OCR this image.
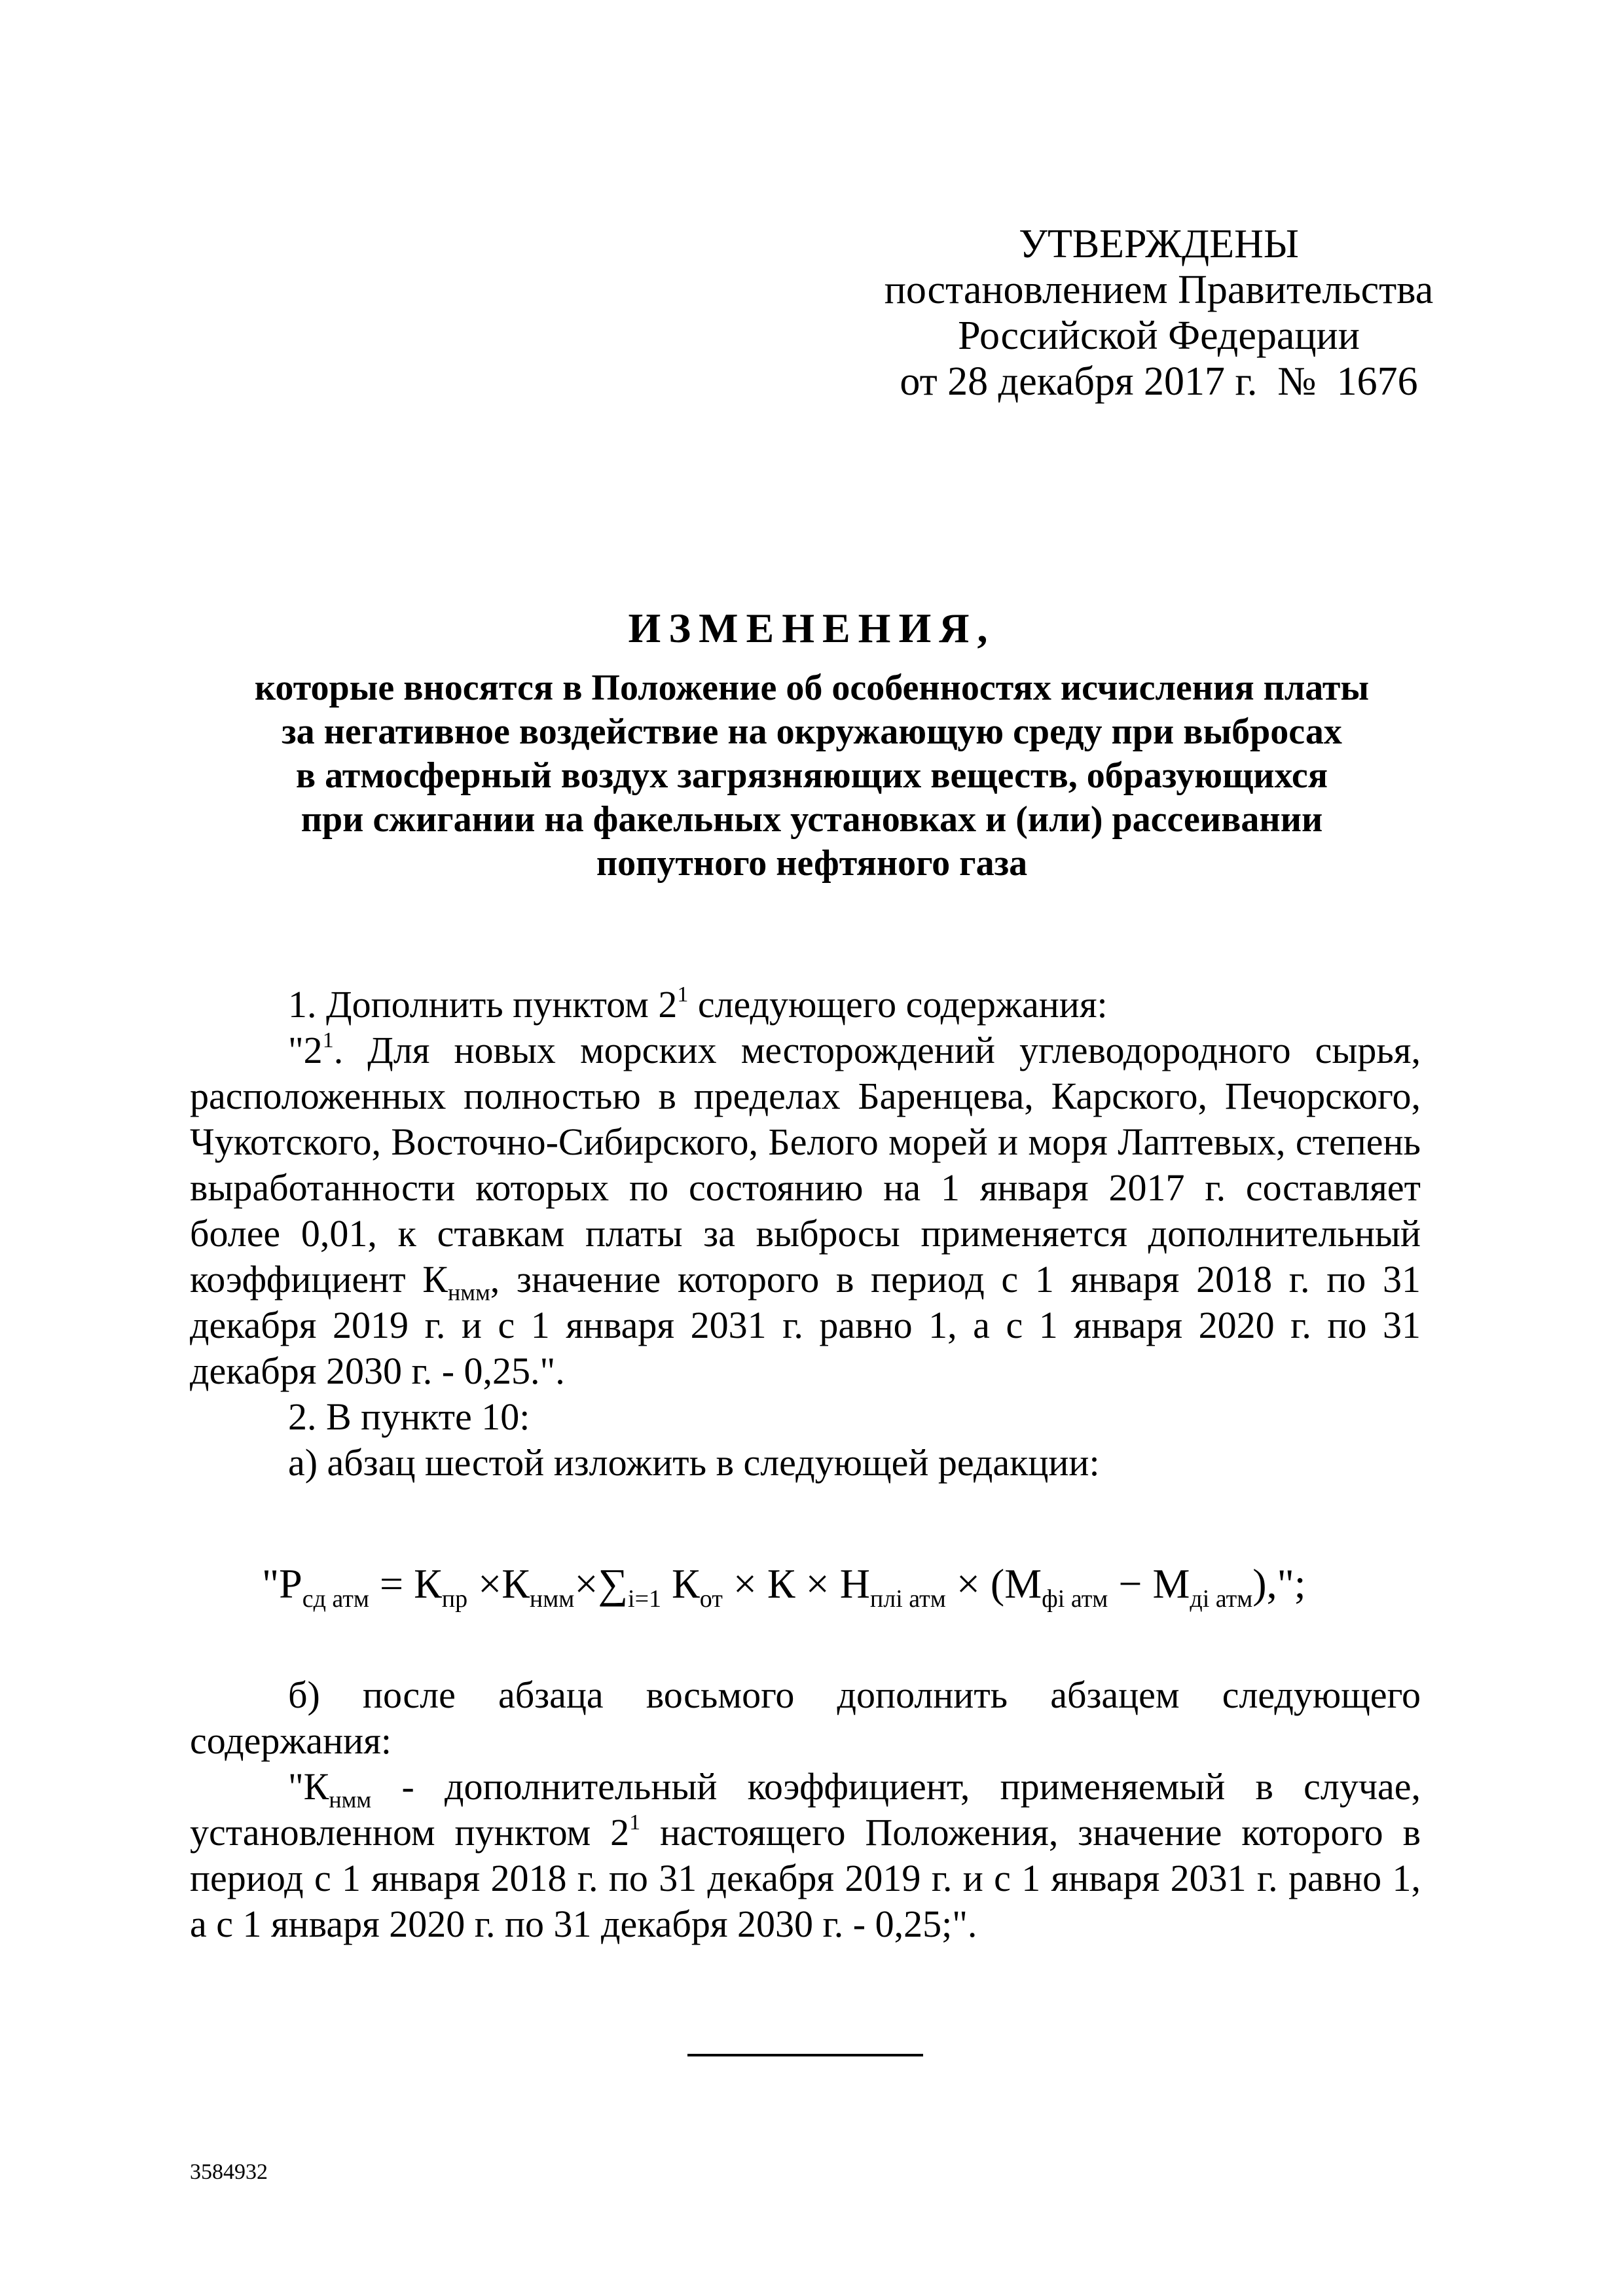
УТВЕРЖДЕНЫ
постановлением Правительства
Российской Федерации
от 28 декабря 2017 г.  №  1676
ИЗМЕНЕНИЯ,
которые вносятся в Положение об особенностях исчисления платы
за негативное воздействие на окружающую среду при выбросах
в атмосферный воздух загрязняющих веществ, образующихся
при сжигании на факельных установках и (или) рассеивании
попутного нефтяного газа

1. Дополнить пунктом $2^1$ следующего содержания:

"$2^1$. Для новых морских месторождений углеводородного сырья, расположенных полностью в пределах Баренцева, Карского, Печорского, Чукотского, Восточно-Сибирского, Белого морей и моря Лаптевых, степень выработанности которых по состоянию на 1 января 2017 г. составляет более 0,01, к ставкам платы за выбросы применяется дополнительный коэффициент $К_{нмм}$, значение которого в период с 1 января 2018 г. по 31 декабря 2019 г. и с 1 января 2031 г. равно 1, а с 1 января 2020 г. по 31 декабря 2030 г. - 0,25.".

2. В пункте 10:

а) абзац шестой изложить в следующей редакции:

"$Р_{сд атм} = К_{пр} \times К_{нмм}\times\sum_{i=1}$ $К_{от} \times К \times Н_{плi атм} \times (М_{фi атм} - М_{дi атм})$,";

б) после абзаца восьмого дополнить абзацем следующего содержания:

"$К_{нмм}$ - дополнительный коэффициент, применяемый в случае, установленном пунктом $2^1$ настоящего Положения, значение которого в период с 1 января 2018 г. по 31 декабря 2019 г. и с 1 января 2031 г. равно 1, а с 1 января 2020 г. по 31 декабря 2030 г. - 0,25;".

3584932
